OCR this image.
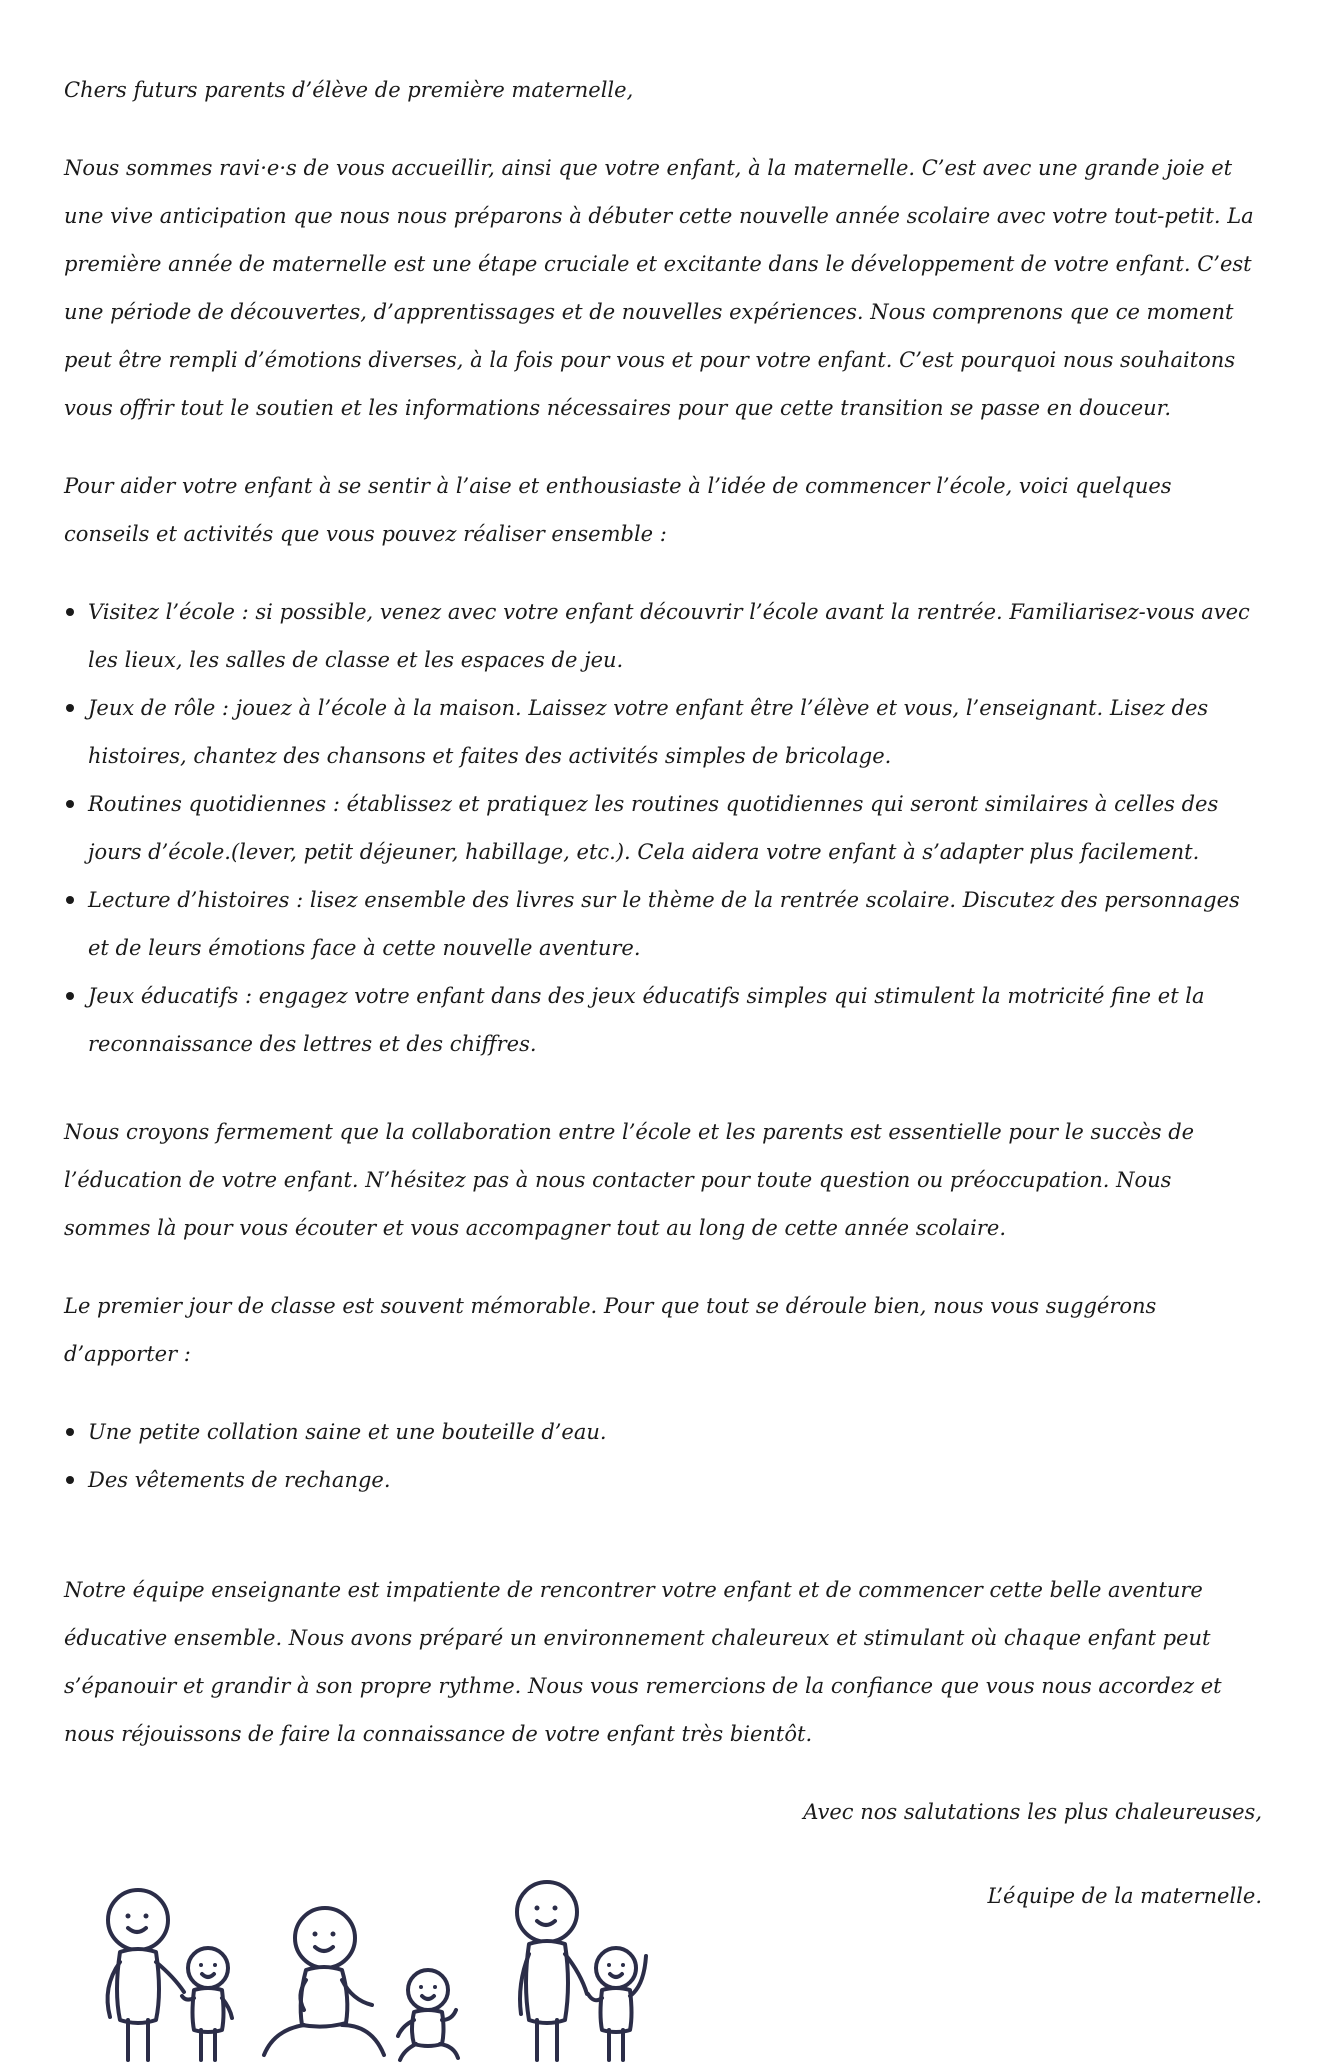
Chers futurs parents d’élève de première maternelle,

Nous sommes ravi·e·s de vous accueillir, ainsi que votre enfant, à la maternelle. C’est avec une grande joie et une vive anticipation que nous nous préparons à débuter cette nouvelle année scolaire avec votre tout-petit. La première année de maternelle est une étape cruciale et excitante dans le développement de votre enfant. C’est une période de découvertes, d’apprentissages et de nouvelles expériences. Nous comprenons que ce moment peut être rempli d’émotions diverses, à la fois pour vous et pour votre enfant. C’est pourquoi nous souhaitons vous offrir tout le soutien et les informations nécessaires pour que cette transition se passe en douceur.

Pour aider votre enfant à se sentir à l’aise et enthousiaste à l’idée de commencer l’école, voici quelques conseils et activités que vous pouvez réaliser ensemble :

Visitez l’école : si possible, venez avec votre enfant découvrir l’école avant la rentrée. Familiarisez-vous avec les lieux, les salles de classe et les espaces de jeu.
Jeux de rôle : jouez à l’école à la maison. Laissez votre enfant être l’élève et vous, l’enseignant. Lisez des histoires, chantez des chansons et faites des activités simples de bricolage.
Routines quotidiennes : établissez et pratiquez les routines quotidiennes qui seront similaires à celles des jours d’école.(lever, petit déjeuner, habillage, etc.). Cela aidera votre enfant à s’adapter plus facilement.
Lecture d’histoires : lisez ensemble des livres sur le thème de la rentrée scolaire. Discutez des personnages et de leurs émotions face à cette nouvelle aventure.
Jeux éducatifs : engagez votre enfant dans des jeux éducatifs simples qui stimulent la motricité fine et la reconnaissance des lettres et des chiffres.

Nous croyons fermement que la collaboration entre l’école et les parents est essentielle pour le succès de l’éducation de votre enfant. N’hésitez pas à nous contacter pour toute question ou préoccupation. Nous sommes là pour vous écouter et vous accompagner tout au long de cette année scolaire.

Le premier jour de classe est souvent mémorable. Pour que tout se déroule bien, nous vous suggérons d’apporter :

Une petite collation saine et une bouteille d’eau.
Des vêtements de rechange.

Notre équipe enseignante est impatiente de rencontrer votre enfant et de commencer cette belle aventure éducative ensemble. Nous avons préparé un environnement chaleureux et stimulant où chaque enfant peut s’épanouir et grandir à son propre rythme. Nous vous remercions de la confiance que vous nous accordez et nous réjouissons de faire la connaissance de votre enfant très bientôt.

Avec nos salutations les plus chaleureuses,

L’équipe de la maternelle.
